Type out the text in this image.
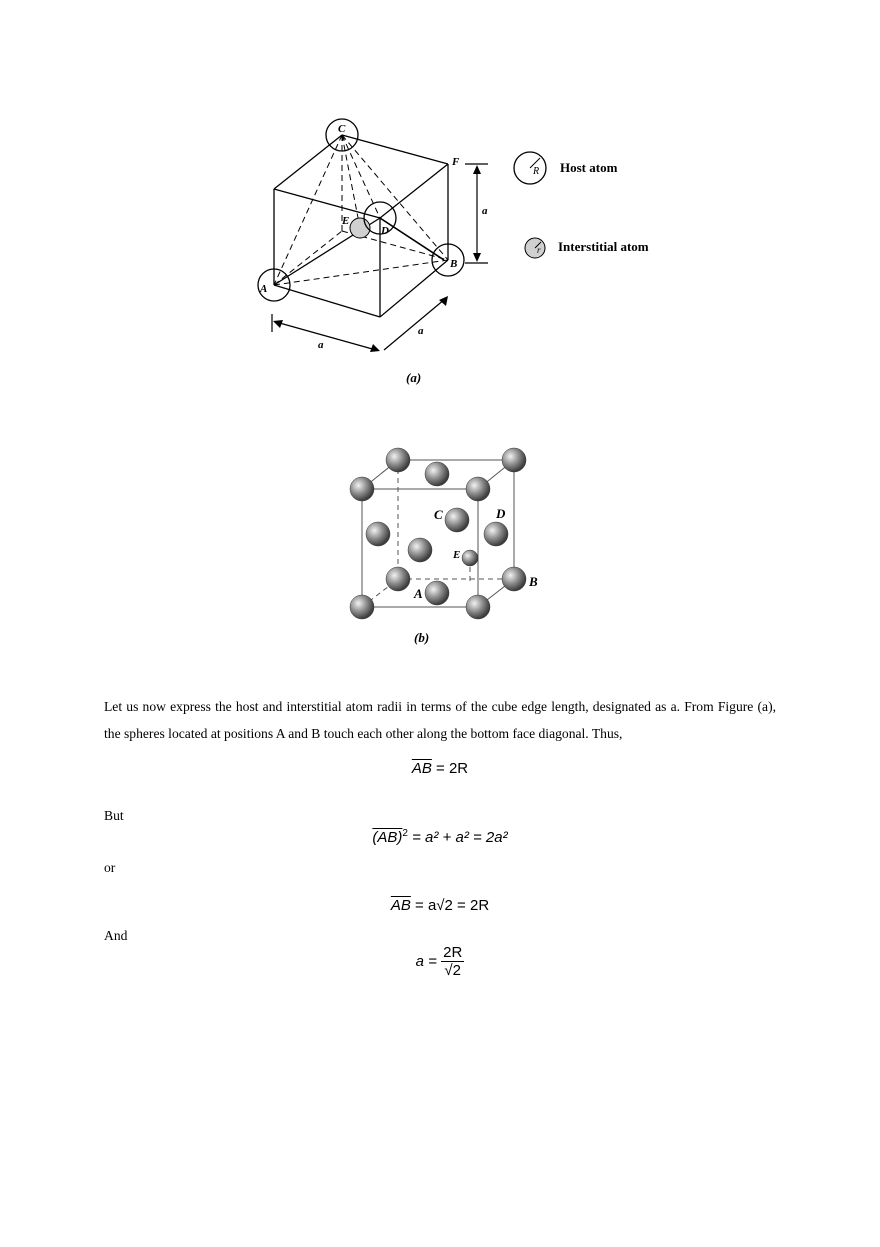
C
D
E
B
A
F
a
a
a
R Host atom
r Interstitial atom
(a)
C	D
E
B
A
(b)
Let us now express the host and interstitial atom radii in terms of the cube edge length, designated as a. From Figure (a), the spheres located at positions A and B touch each other along the bottom face diagonal. Thus,
$\overline{AB} = 2R$
But
(AB)$^2$ = a² + a² = 2a²
or
$\overline{AB} = a√2 = 2R$
And
$a = \frac{2R}{√2}$
